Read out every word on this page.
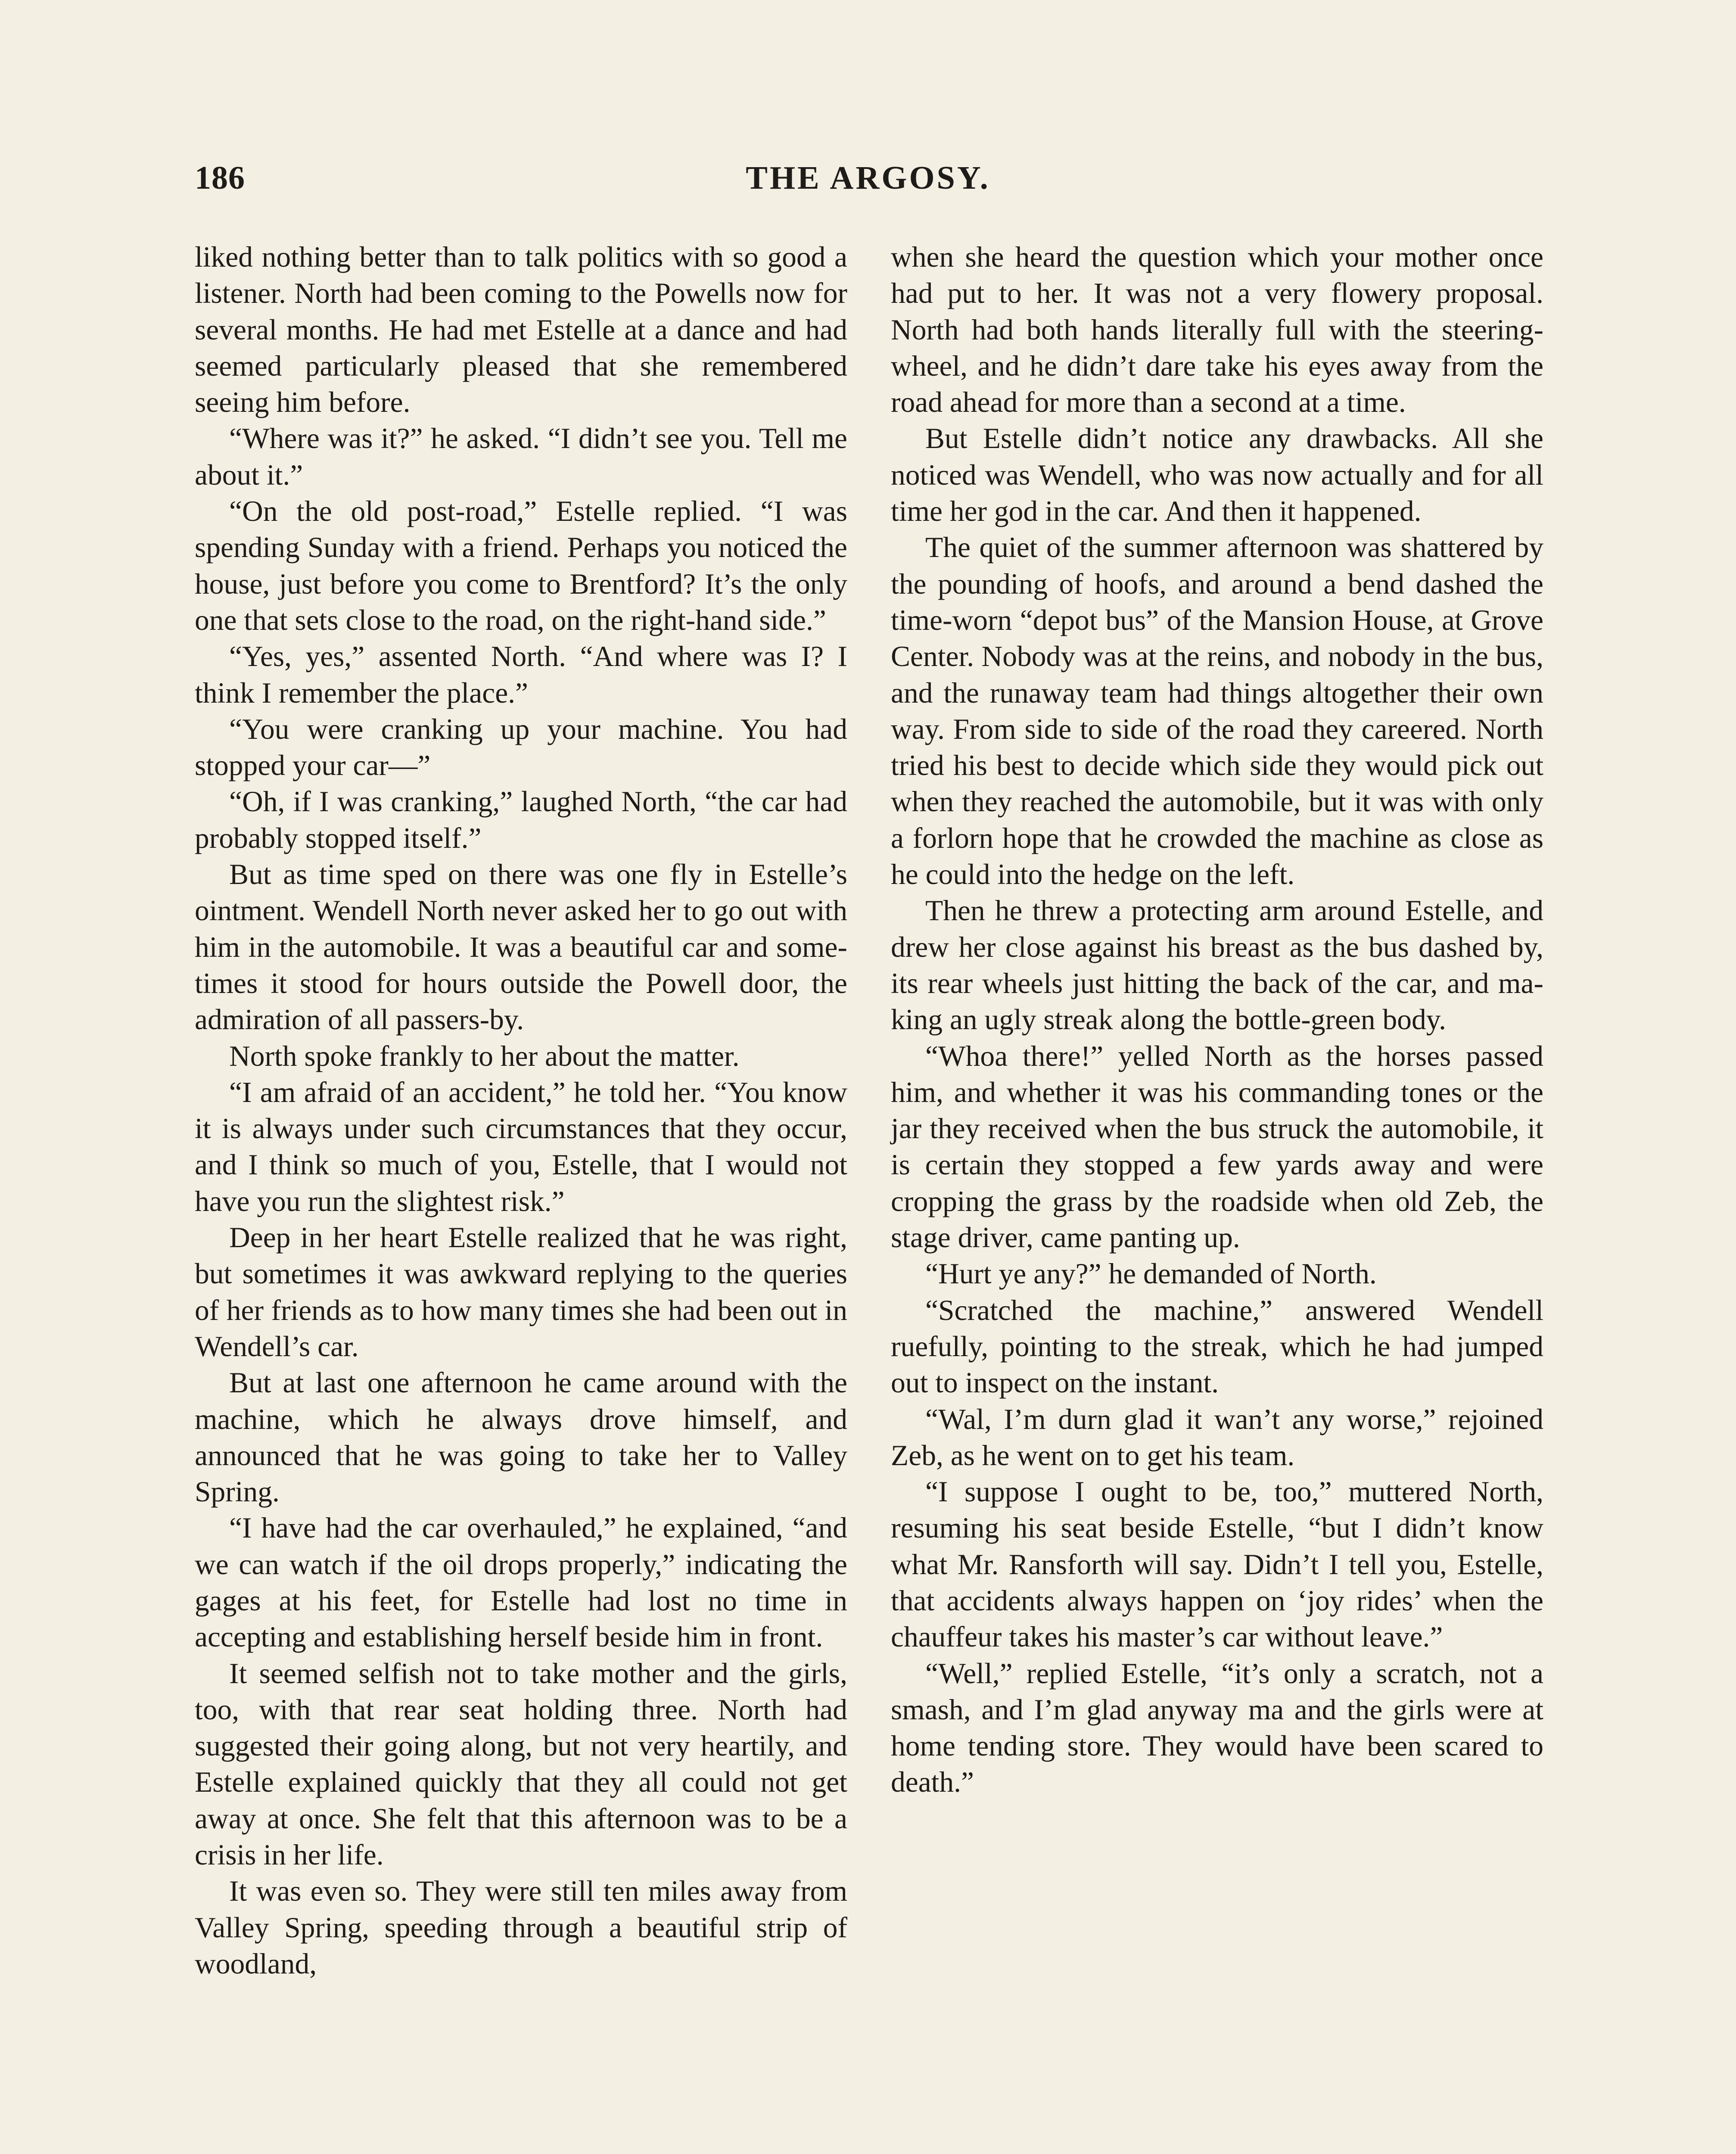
186	THE ARGOSY.

liked nothing better than to talk politics with so good a listener. North had been coming to the Powells now for several months. He had met Estelle at a dance and had seemed particularly pleased that she remembered seeing him before.

“Where was it?” he asked. “I didn’t see you. Tell me about it.”

“On the old post-road,” Estelle replied. “I was spending Sunday with a friend. Perhaps you noticed the house, just before you come to Brentford? It’s the only one that sets close to the road, on the right-hand side.”

“Yes, yes,” assented North. “And where was I? I think I remember the place.”

“You were cranking up your machine. You had stopped your car—”

“Oh, if I was cranking,” laughed North, “the car had probably stopped itself.”

But as time sped on there was one fly in Estelle’s ointment. Wendell North never asked her to go out with him in the automobile. It was a beautiful car and sometimes it stood for hours outside the Powell door, the admiration of all passers-by.

North spoke frankly to her about the matter.

“I am afraid of an accident,” he told her. “You know it is always under such circumstances that they occur, and I think so much of you, Estelle, that I would not have you run the slightest risk.”

Deep in her heart Estelle realized that he was right, but sometimes it was awkward replying to the queries of her friends as to how many times she had been out in Wendell’s car.

But at last one afternoon he came around with the machine, which he always drove himself, and announced that he was going to take her to Valley Spring.

“I have had the car overhauled,” he explained, “and we can watch if the oil drops properly,” indicating the gages at his feet, for Estelle had lost no time in accepting and establishing herself beside him in front.

It seemed selfish not to take mother and the girls, too, with that rear seat holding three. North had suggested their going along, but not very heartily, and Estelle explained quickly that they all could not get away at once. She felt that this afternoon was to be a crisis in her life.

It was even so. They were still ten miles away from Valley Spring, speeding through a beautiful strip of woodland,

when she heard the question which your mother once had put to her. It was not a very flowery proposal. North had both hands literally full with the steering-wheel, and he didn’t dare take his eyes away from the road ahead for more than a second at a time.

But Estelle didn’t notice any drawbacks. All she noticed was Wendell, who was now actually and for all time her god in the car. And then it happened.

The quiet of the summer afternoon was shattered by the pounding of hoofs, and around a bend dashed the time-worn “depot bus” of the Mansion House, at Grove Center. Nobody was at the reins, and nobody in the bus, and the runaway team had things altogether their own way. From side to side of the road they careered. North tried his best to decide which side they would pick out when they reached the automobile, but it was with only a forlorn hope that he crowded the machine as close as he could into the hedge on the left.

Then he threw a protecting arm around Estelle, and drew her close against his breast as the bus dashed by, its rear wheels just hitting the back of the car, and making an ugly streak along the bottle-green body.

“Whoa there!” yelled North as the horses passed him, and whether it was his commanding tones or the jar they received when the bus struck the automobile, it is certain they stopped a few yards away and were cropping the grass by the roadside when old Zeb, the stage driver, came panting up.

“Hurt ye any?” he demanded of North.

“Scratched the machine,” answered Wendell ruefully, pointing to the streak, which he had jumped out to inspect on the instant.

“Wal, I’m durn glad it wan’t any worse,” rejoined Zeb, as he went on to get his team.

“I suppose I ought to be, too,” muttered North, resuming his seat beside Estelle, “but I didn’t know what Mr. Ransforth will say. Didn’t I tell you, Estelle, that accidents always happen on ‘joy rides’ when the chauffeur takes his master’s car without leave.”

“Well,” replied Estelle, “it’s only a scratch, not a smash, and I’m glad anyway ma and the girls were at home tending store. They would have been scared to death.”
